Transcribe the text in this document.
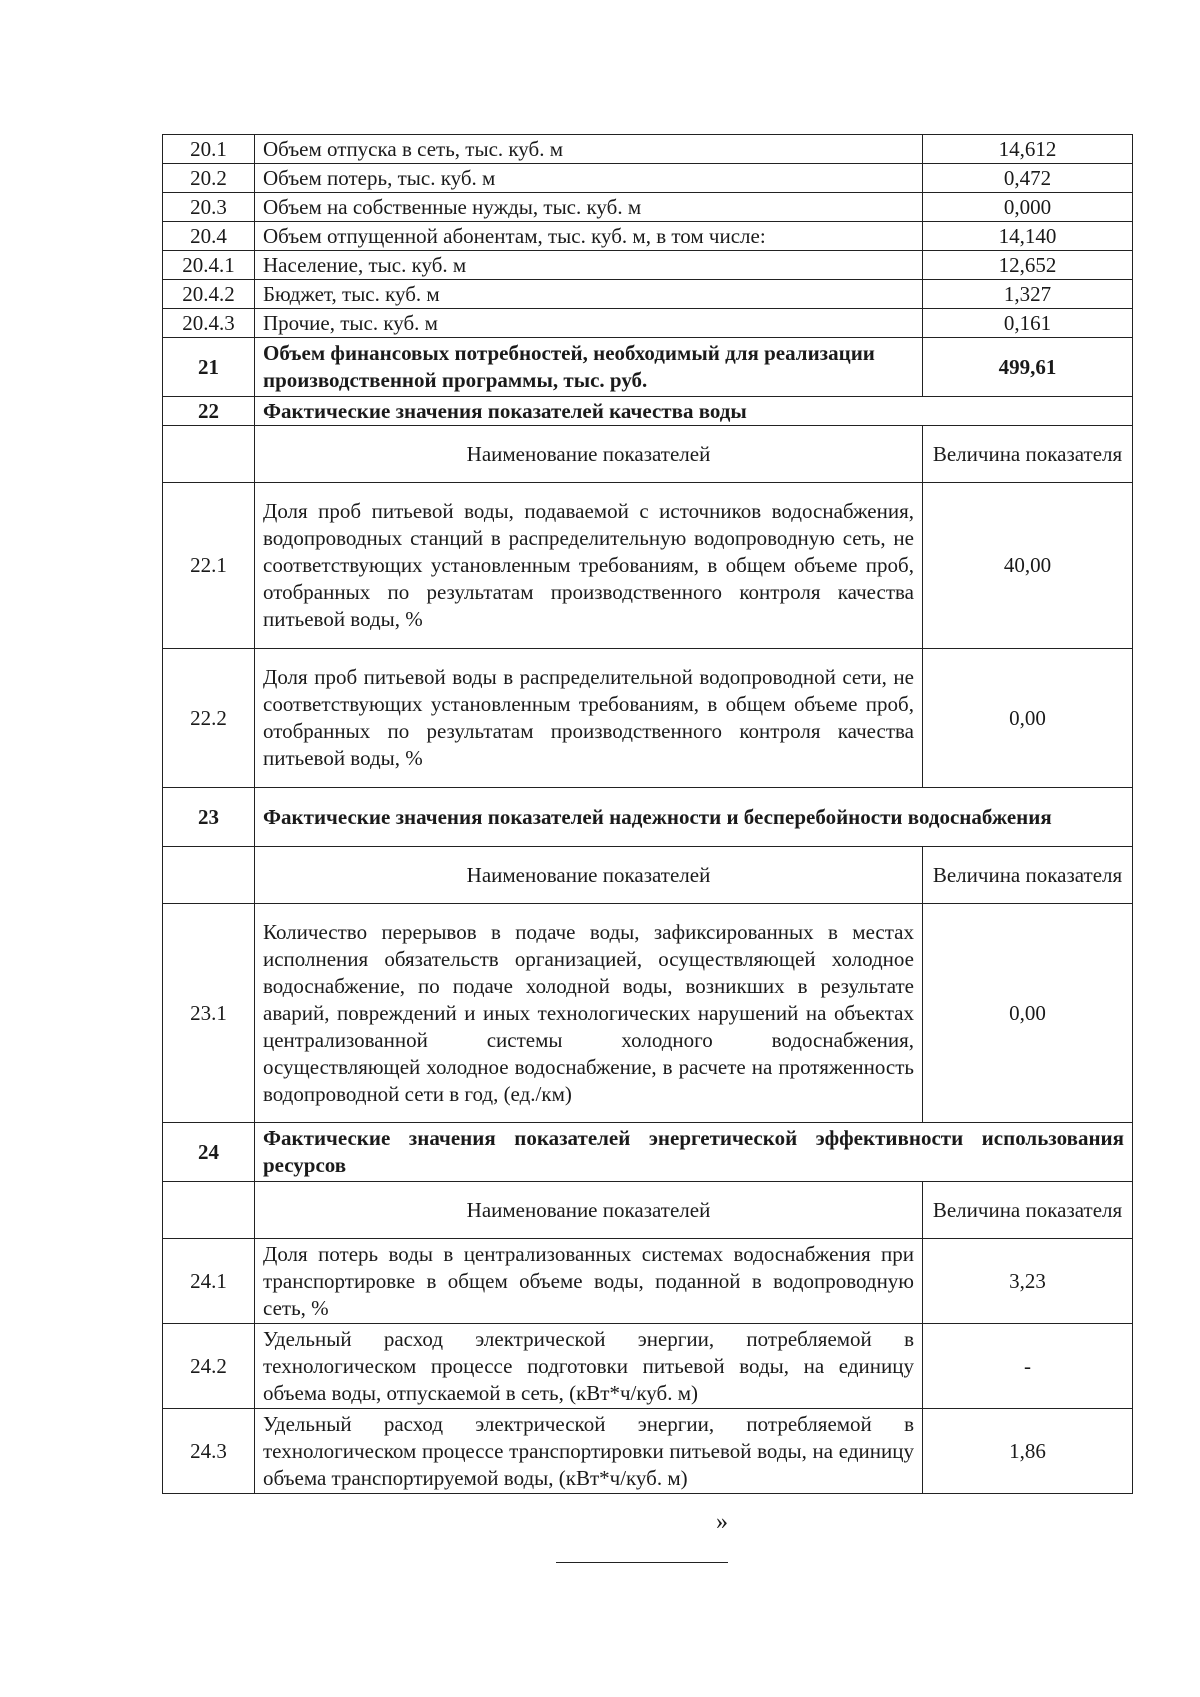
20.1	Объем отпуска в сеть, тыс. куб. м	14,612
20.2	Объем потерь, тыс. куб. м	0,472
20.3	Объем на собственные нужды, тыс. куб. м	0,000
20.4	Объем отпущенной абонентам, тыс. куб. м, в том числе:	14,140
20.4.1	Население, тыс. куб. м	12,652
20.4.2	Бюджет, тыс. куб. м	1,327
20.4.3	Прочие, тыс. куб. м	0,161
21	Объем финансовых потребностей, необходимый для реализации производственной программы, тыс. руб.	499,61
22	Фактические значения показателей качества воды	
	Наименование показателей	Величина показателя
22.1	Доля проб питьевой воды, подаваемой с источников водоснабжения, водопроводных станций в распределительную водопроводную сеть, не соответствующих установленным требованиям, в общем объеме проб, отобранных по результатам производственного контроля качества питьевой воды, %	40,00
22.2	Доля проб питьевой воды в распределительной водопроводной сети, не соответствующих установленным требованиям, в общем объеме проб, отобранных по результатам производственного контроля качества питьевой воды, %	0,00
23	Фактические значения показателей надежности и бесперебойности водоснабжения	
	Наименование показателей	Величина показателя
23.1	Количество перерывов в подаче воды, зафиксированных в местах исполнения обязательств организацией, осуществляющей холодное водоснабжение, по подаче холодной воды, возникших в результате аварий, повреждений и иных технологических нарушений на объектах централизованной системы холодного водоснабжения, осуществляющей холодное водоснабжение, в расчете на протяженность водопроводной сети в год, (ед./км)	0,00
24	Фактические значения показателей энергетической эффективности использования ресурсов	
	Наименование показателей	Величина показателя
24.1	Доля потерь воды в централизованных системах водоснабжения при транспортировке в общем объеме воды, поданной в водопроводную сеть, %	3,23
24.2	Удельный расход электрической энергии, потребляемой в технологическом процессе подготовки питьевой воды, на единицу объема воды, отпускаемой в сеть, (кВт*ч/куб. м)	-
24.3	Удельный расход электрической энергии, потребляемой в технологическом процессе транспортировки питьевой воды, на единицу объема транспортируемой воды, (кВт*ч/куб. м)	1,86
»
